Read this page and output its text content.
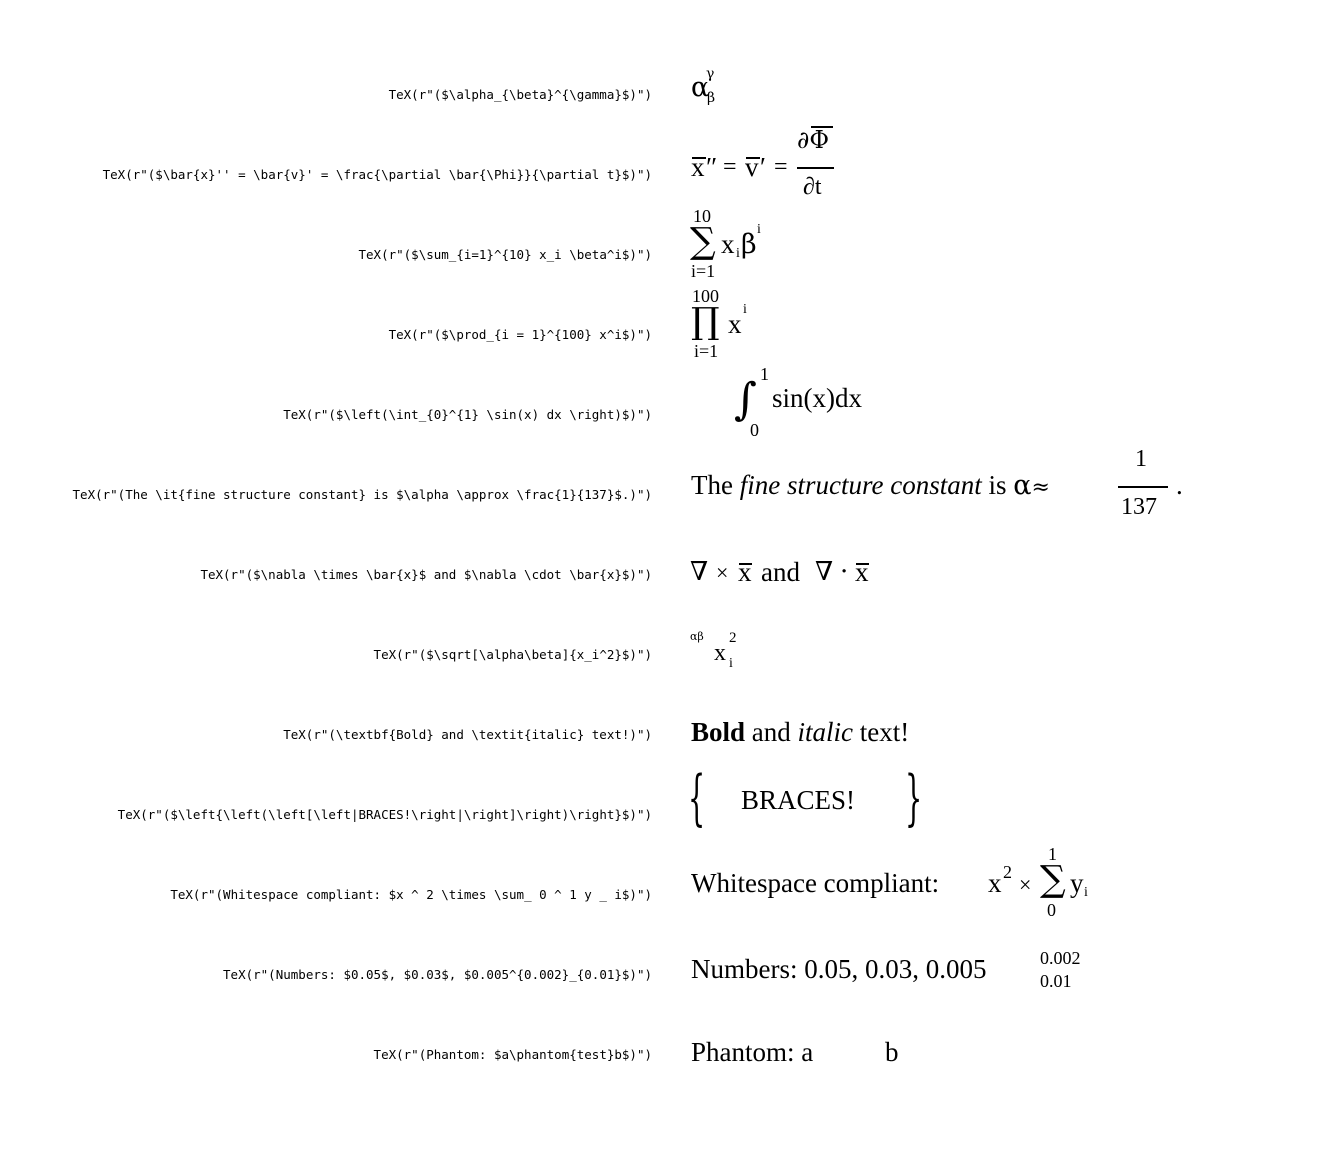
TeX(r"($\alpha_{\beta}^{\gamma}$)")
TeX(r"($\bar{x}'' = \bar{v}' = \frac{\partial \bar{\Phi}}{\partial t}$)")
TeX(r"($\sum_{i=1}^{10} x_i \beta^i$)")
TeX(r"($\prod_{i = 1}^{100} x^i$)")
TeX(r"($\left(\int_{0}^{1} \sin(x) dx \right)$)")
TeX(r"(The \it{fine structure constant} is $\alpha \approx \frac{1}{137}$.)")
TeX(r"($\nabla \times \bar{x}$ and $\nabla \cdot \bar{x}$)")
TeX(r"($\sqrt[\alpha\beta]{x_i^2}$)")
TeX(r"(\textbf{Bold} and \textit{italic} text!)")
TeX(r"($\left{\left(\left[\left|BRACES!\right|\right]\right)\right}$)")
TeX(r"(Whitespace compliant: $x ^ 2 \times \sum_ 0 ^ 1 y _ i$)")
TeX(r"(Numbers: $0.05$, $0.03$, $0.005^{0.002}_{0.01}$)")
TeX(r"(Phantom: $a\phantom{test}b$)")
α
γ
β
x ″ = v ′ =
∂Φ
∂t
10
∑
i=1
x i β i
100
∏
i=1
x i
∫ 1
0
sin(x)dx
The fine structure constant is α≈
1
137
.
∇ × x and ∇ · x
αβ
x
2
i
Bold and italic text!
{ BRACES! }
Whitespace compliant: x 2 ×
1
∑
0
y i
Numbers: 0.05, 0.03, 0.005	0.002
0.01
Phantom: a	b
